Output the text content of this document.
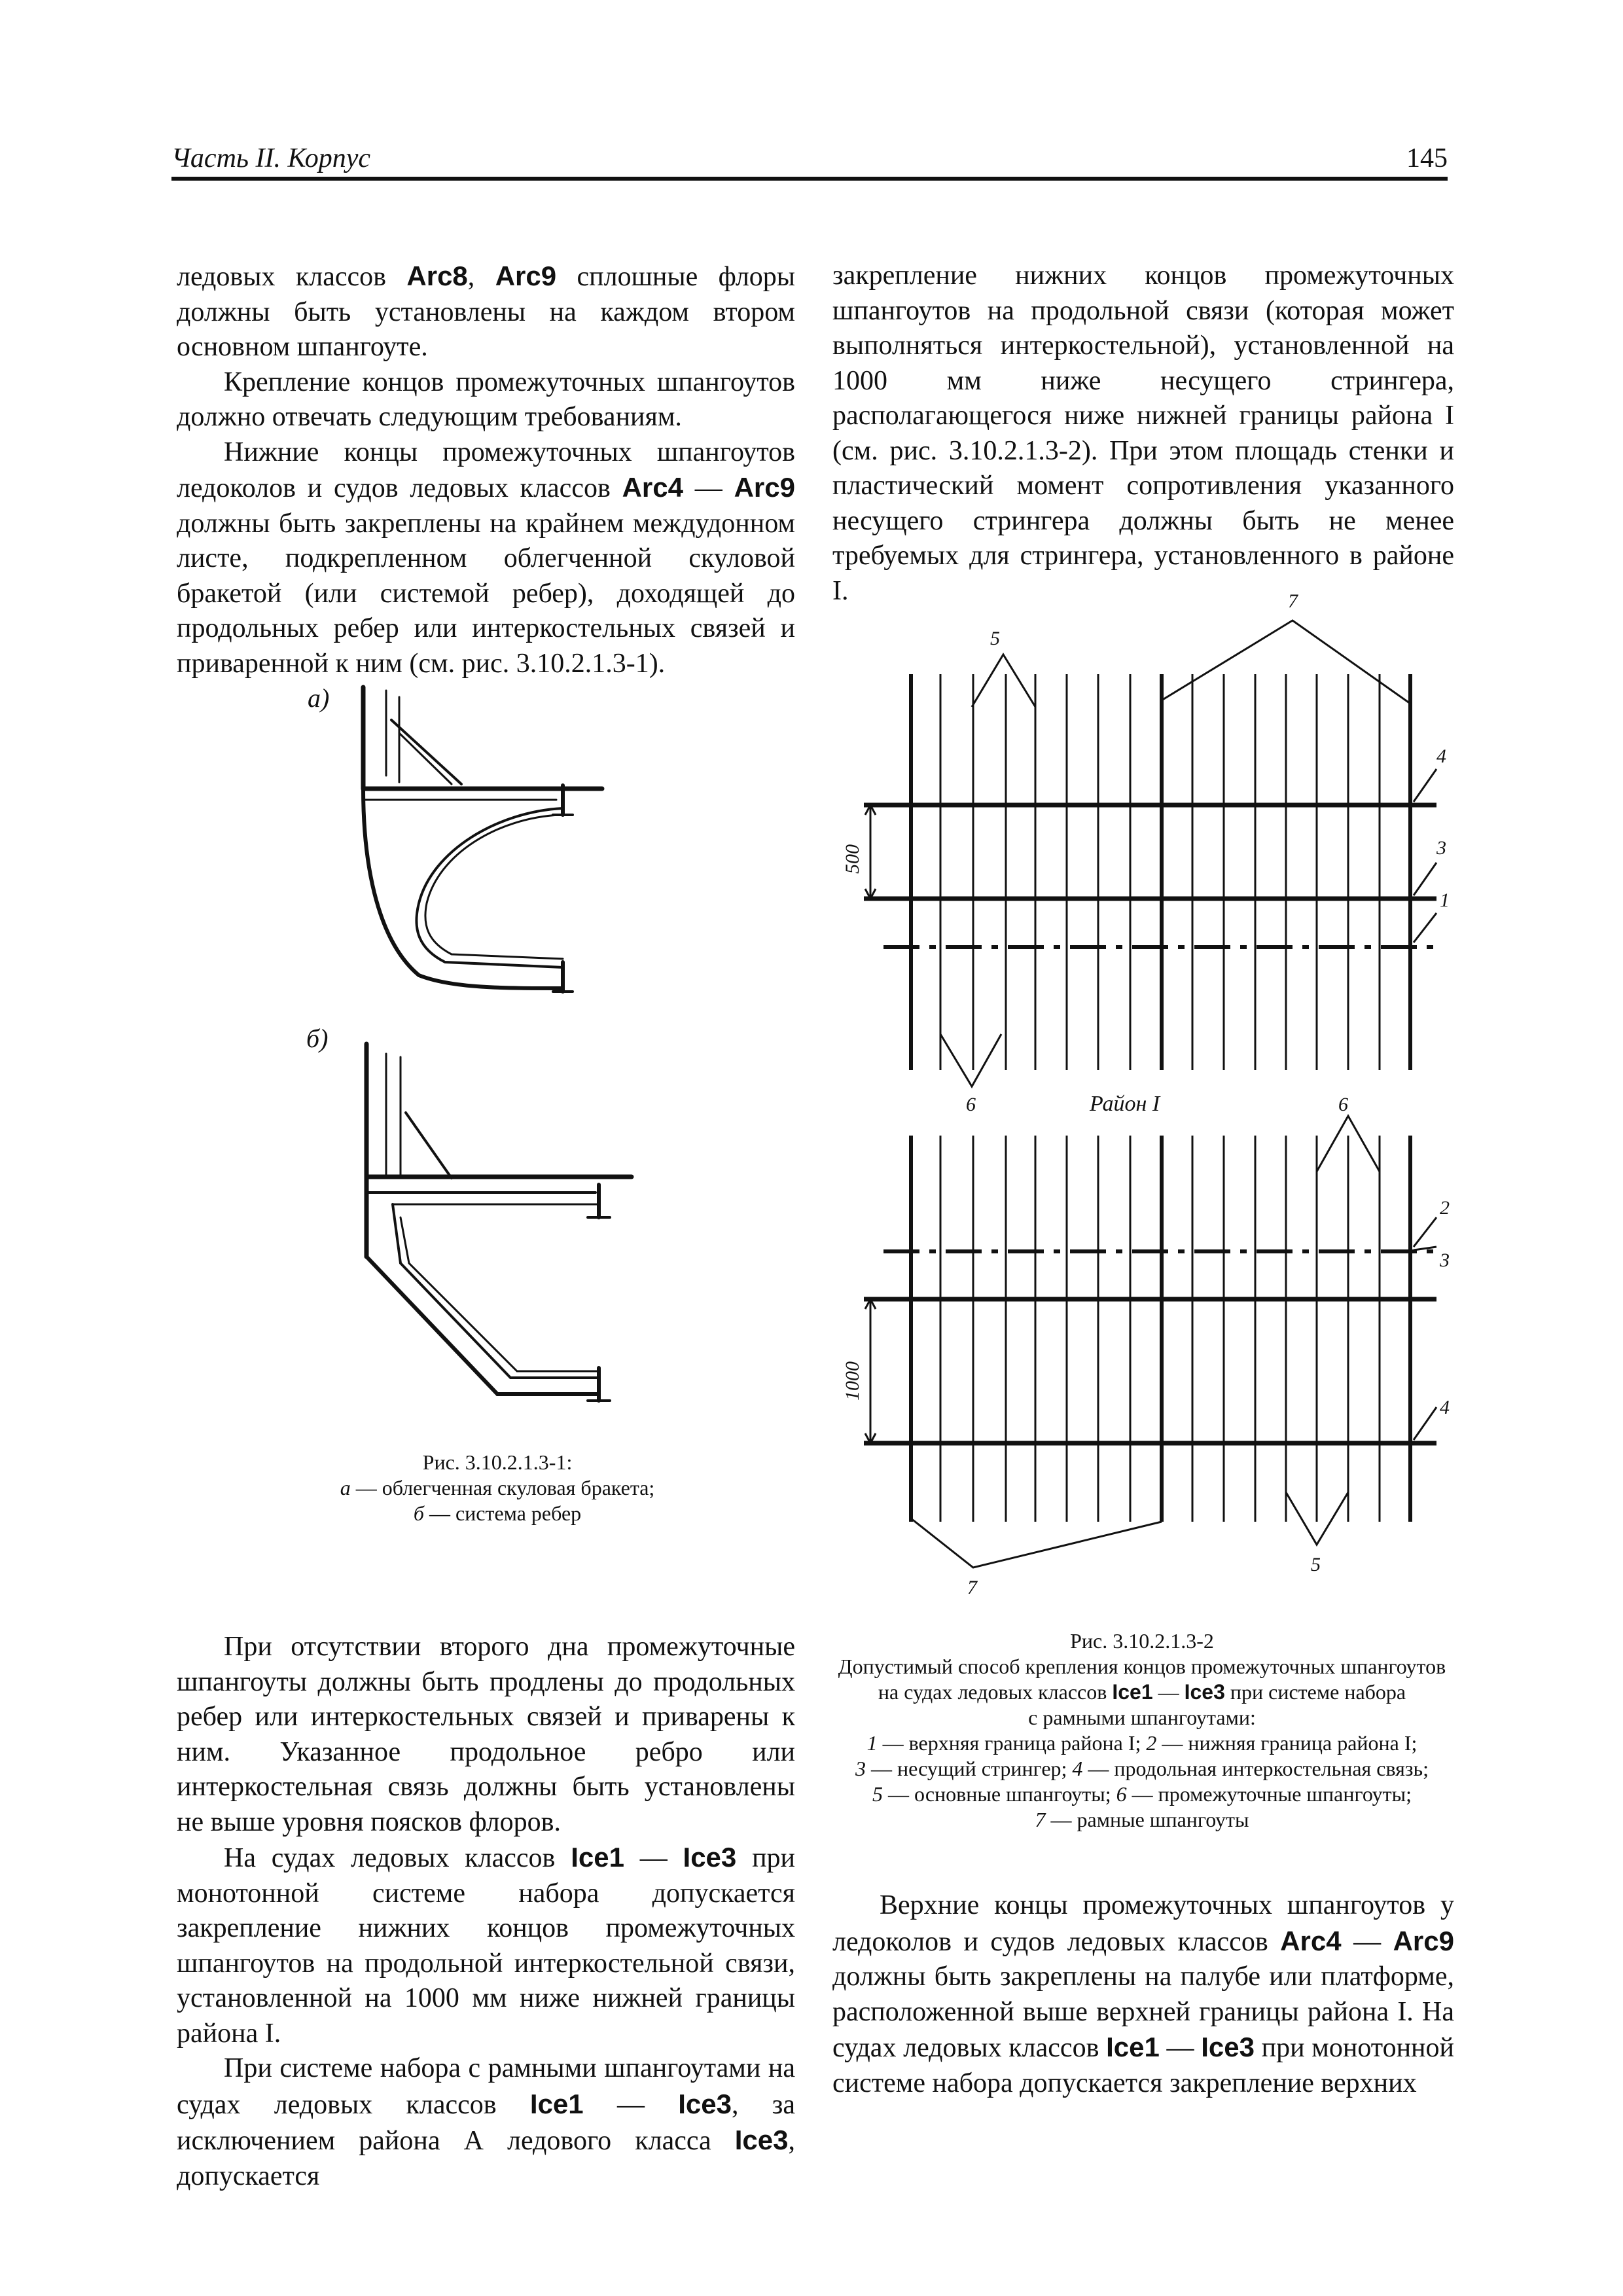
Часть II. Корпус	145

ледовых классов Arc8, Arc9 сплошные флоры должны быть установлены на каждом втором основном шпангоуте.

Крепление концов промежуточных шпангоутов должно отвечать следующим требованиям.

Нижние концы промежуточных шпангоутов ледоколов и судов ледовых классов Arc4 — Arc9 должны быть закреплены на крайнем междудонном листе, подкрепленном облегченной скуловой бракетой (или системой ребер), доходящей до продольных ребер или интеркостельных связей и приваренной к ним (см. рис. 3.10.2.1.3-1).

закрепление нижних концов промежуточных шпангоутов на продольной связи (которая может выполняться интеркостельной), установленной на 1000 мм ниже несущего стрингера, располагающегося ниже нижней границы района I (см. рис. 3.10.2.1.3-2). При этом площадь стенки и пластический момент сопротивления указанного несущего стрингера должны быть не менее требуемых для стрингера, установленного в районе I.

а)
б)
5
7
4
3
1
500
6	Район I	6
2
3
1000
4
5
7
Рис. 3.10.2.1.3-1:
а — облегченная скуловая бракета;
б — система ребер
Рис. 3.10.2.1.3-2
Допустимый способ крепления концов промежуточных шпангоутов
на судах ледовых классов Ice1 — Ice3 при системе набора
с рамными шпангоутами:
1 — верхняя граница района I; 2 — нижняя граница района I;
3 — несущий стрингер; 4 — продольная интеркостельная связь;
5 — основные шпангоуты; 6 — промежуточные шпангоуты;
7 — рамные шпангоуты

При отсутствии второго дна промежуточные шпангоуты должны быть продлены до продольных ребер или интеркостельных связей и приварены к ним. Указанное продольное ребро или интеркостельная связь должны быть установлены не выше уровня поясков флоров.

На судах ледовых классов Ice1 — Ice3 при монотонной системе набора допускается закрепление нижних концов промежуточных шпангоутов на продольной интеркостельной связи, установленной на 1000 мм ниже нижней границы района I.

При системе набора с рамными шпангоутами на судах ледовых классов Ice1 — Ice3, за исключением района А ледового класса Ice3, допускается

Верхние концы промежуточных шпангоутов у ледоколов и судов ледовых классов Arc4 — Arc9 должны быть закреплены на палубе или платформе, расположенной выше верхней границы района I. На судах ледовых классов Ice1 — Ice3 при монотонной системе набора допускается закрепление верхних
